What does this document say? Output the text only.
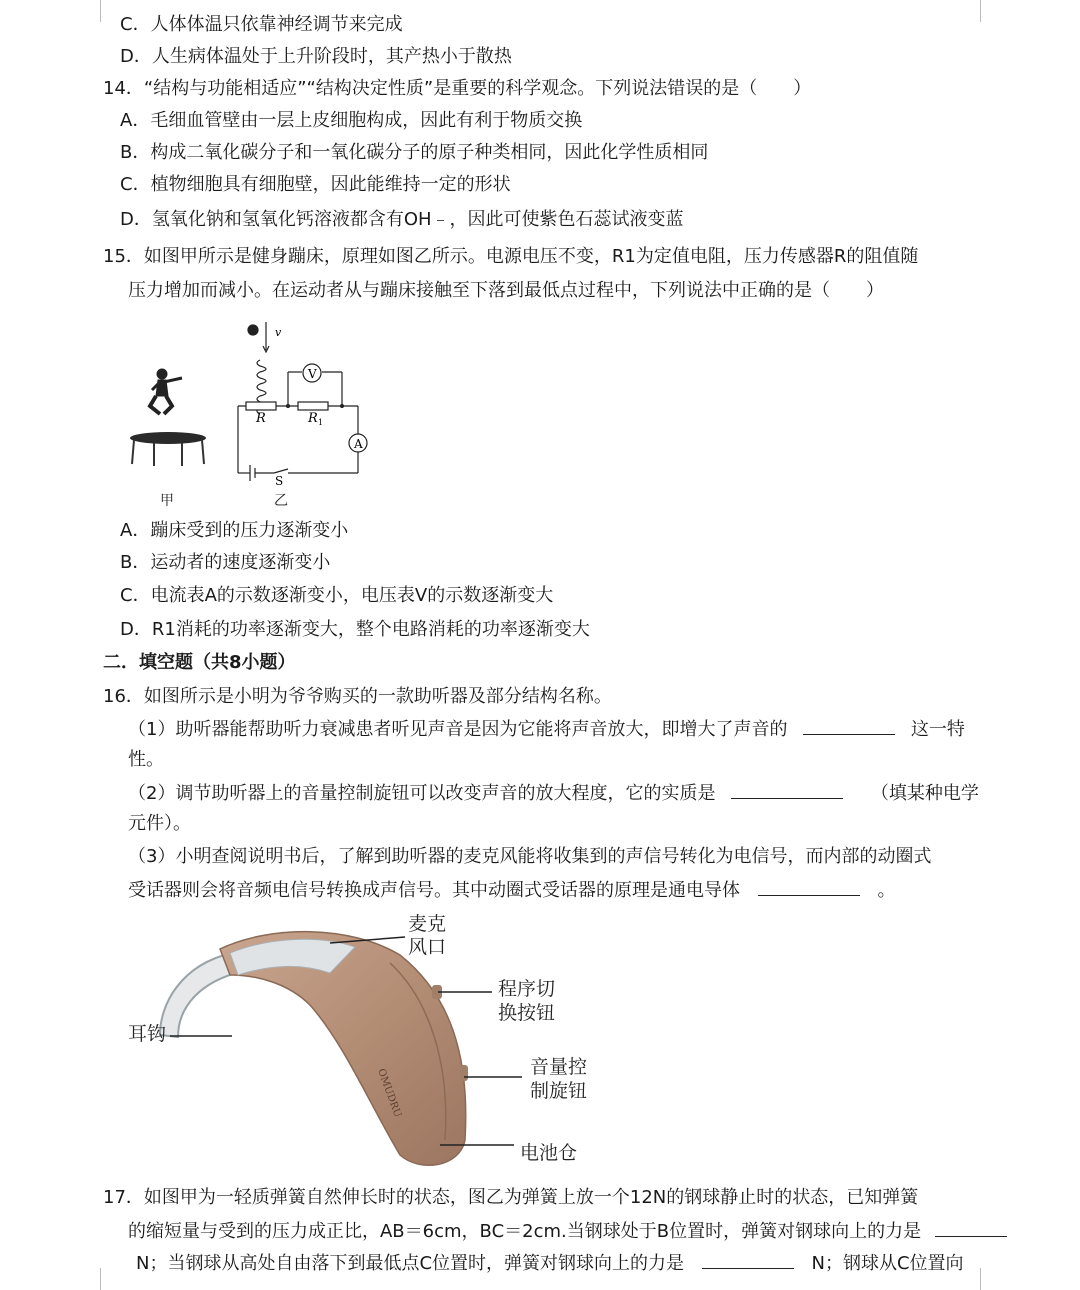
C．人体体温只依靠神经调节来完成
D．人生病体温处于上升阶段时，其产热小于散热
14．“结构与功能相适应”“结构决定性质”是重要的科学观念。下列说法错误的是（　　）
A．毛细血管壁由一层上皮细胞构成，因此有利于物质交换
B．构成二氧化碳分子和一氧化碳分子的原子种类相同，因此化学性质相同
C．植物细胞具有细胞壁，因此能维持一定的形状
D．氢氧化钠和氢氧化钙溶液都含有OH﹣，因此可使紫色石蕊试液变蓝
15．如图甲所示是健身蹦床，原理如图乙所示。电源电压不变，R1为定值电阻，压力传感器R的阻值随
压力增加而减小。在运动者从与蹦床接触至下落到最低点过程中，下列说法中正确的是（　　）
甲
v
V
A
R	R 1
S
乙
A．蹦床受到的压力逐渐变小
B．运动者的速度逐渐变小
C．电流表A的示数逐渐变小，电压表V的示数逐渐变大
D．R1消耗的功率逐渐变大，整个电路消耗的功率逐渐变大
二．填空题（共8小题）
16．如图所示是小明为爷爷购买的一款助听器及部分结构名称。
（1）助听器能帮助听力衰减患者听见声音是因为它能将声音放大，即增大了声音的	这一特
性。
（2）调节助听器上的音量控制旋钮可以改变声音的放大程度，它的实质是	（填某种电学
元件）。
（3）小明查阅说明书后，了解到助听器的麦克风能将收集到的声信号转化为电信号，而内部的动圈式
受话器则会将音频电信号转换成声信号。其中动圈式受话器的原理是通电导体	。
OMUDRU
麦克
风口
程序切
换按钮
耳钩
音量控
制旋钮
电池仓
17．如图甲为一轻质弹簧自然伸长时的状态，图乙为弹簧上放一个12N的钢球静止时的状态，已知弹簧
的缩短量与受到的压力成正比，AB＝6cm，BC＝2cm.当钢球处于B位置时，弹簧对钢球向上的力是
N；当钢球从高处自由落下到最低点C位置时，弹簧对钢球向上的力是	N；钢球从C位置向
